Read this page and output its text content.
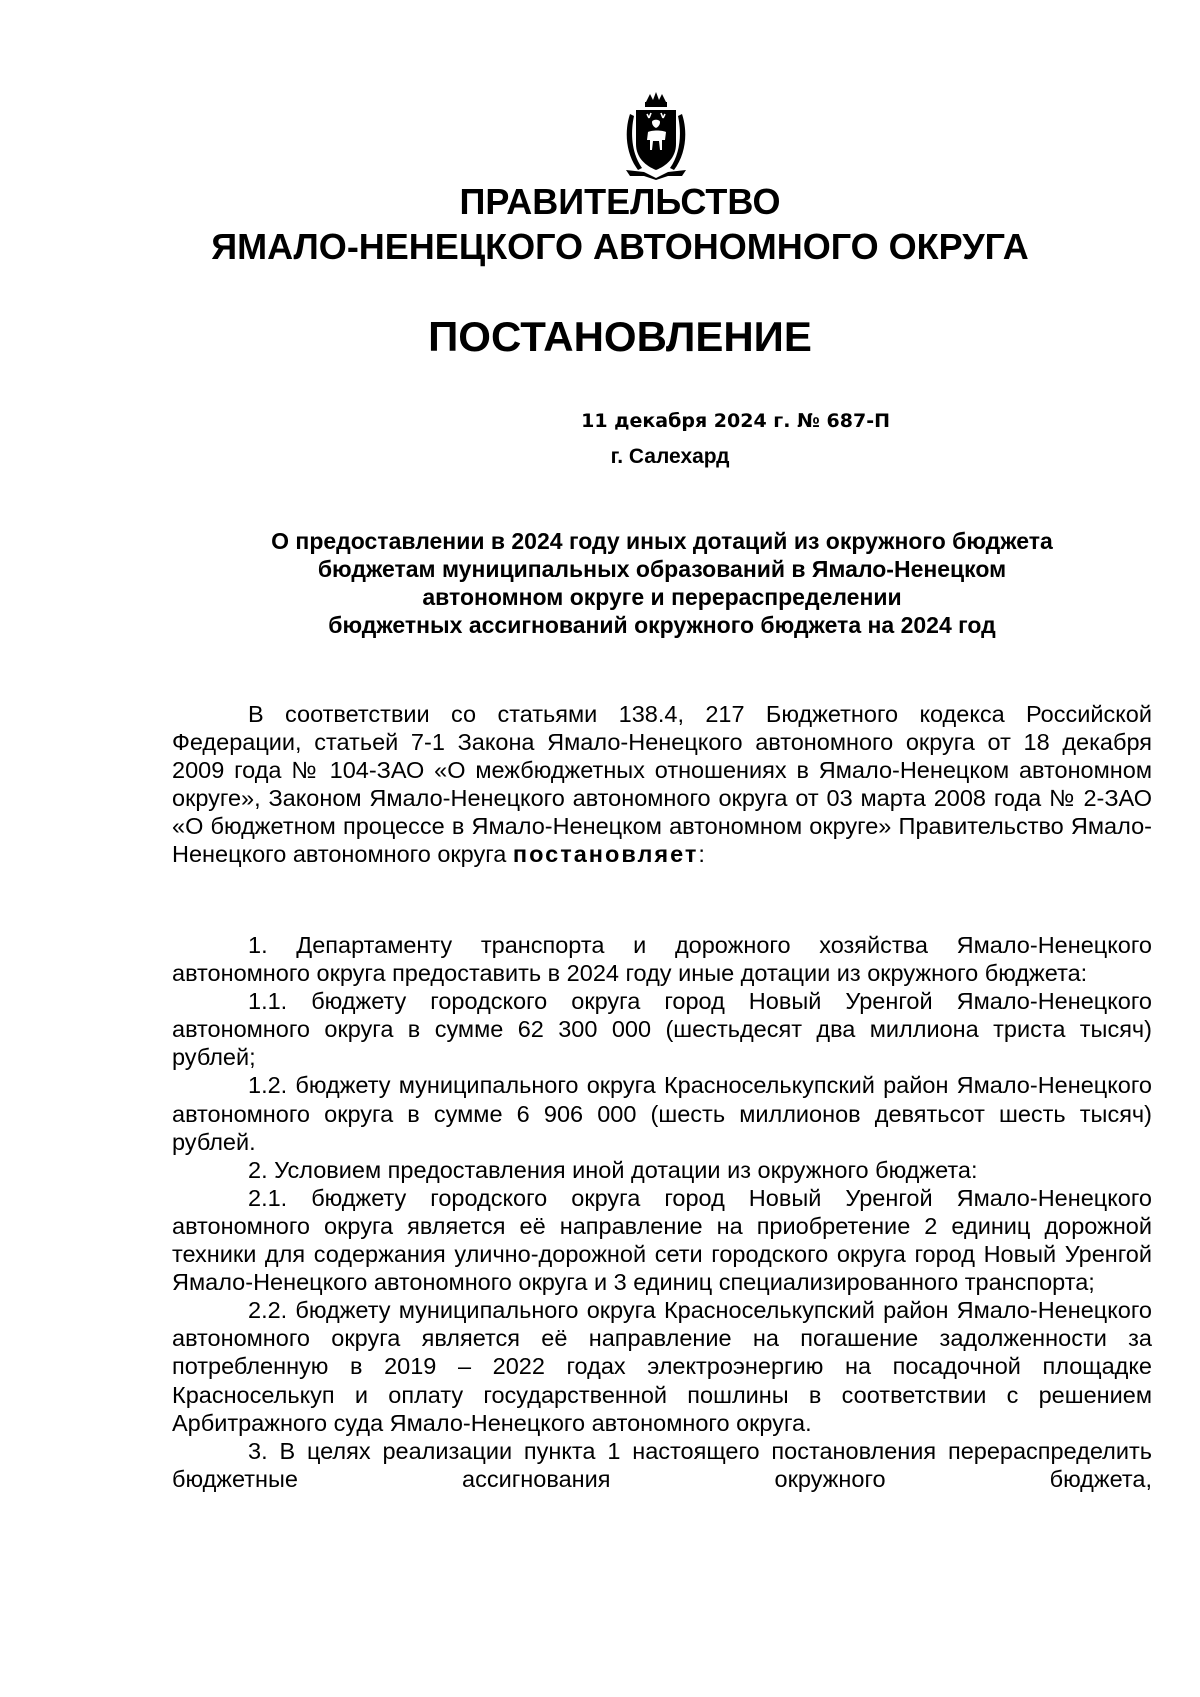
ПРАВИТЕЛЬСТВО
ЯМАЛО-НЕНЕЦКОГО АВТОНОМНОГО ОКРУГА
ПОСТАНОВЛЕНИЕ
11 декабря 2024 г. № 687-П
г. Салехард
О предоставлении в 2024 году иных дотаций из окружного бюджета
бюджетам муниципальных образований в Ямало-Ненецком
автономном округе и перераспределении
бюджетных ассигнований окружного бюджета на 2024 год

В соответствии со статьями 138.4, 217 Бюджетного кодекса Российской Федерации, статьей 7-1 Закона Ямало-Ненецкого автономного округа от 18 декабря 2009 года № 104-ЗАО «О межбюджетных отношениях в Ямало-Ненецком автономном округе», Законом Ямало-Ненецкого автономного округа от 03 марта 2008 года № 2-ЗАО «О бюджетном процессе в Ямало-Ненецком автономном округе» Правительство Ямало-Ненецкого автономного округа постановляет:

1. Департаменту транспорта и дорожного хозяйства Ямало-Ненецкого автономного округа предоставить в 2024 году иные дотации из окружного бюджета:

1.1. бюджету городского округа город Новый Уренгой Ямало-Ненецкого автономного округа в сумме 62 300 000 (шестьдесят два миллиона триста тысяч) рублей;

1.2. бюджету муниципального округа Красноселькупский район Ямало-Ненецкого автономного округа в сумме 6 906 000 (шесть миллионов девятьсот шесть тысяч) рублей.

2. Условием предоставления иной дотации из окружного бюджета:

2.1. бюджету городского округа город Новый Уренгой Ямало-Ненецкого автономного округа является её направление на приобретение 2 единиц дорожной техники для содержания улично-дорожной сети городского округа город Новый Уренгой Ямало-Ненецкого автономного округа и 3 единиц специализированного транспорта;

2.2. бюджету муниципального округа Красноселькупский район Ямало-Ненецкого автономного округа является её направление на погашение задолженности за потребленную в 2019 – 2022 годах электроэнергию на посадочной площадке Красноселькуп и оплату государственной пошлины в соответствии с решением Арбитражного суда Ямало-Ненецкого автономного округа.

3. В целях реализации пункта 1 настоящего постановления перераспределить бюджетные ассигнования окружного бюджета,
